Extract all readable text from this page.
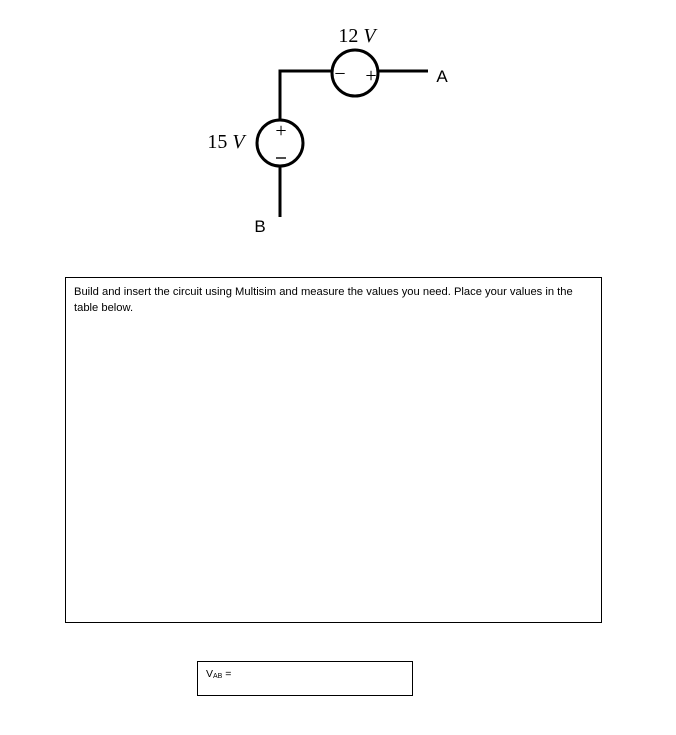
− +
12 V
+
15 V
A
B
Build and insert the circuit using Multisim and measure the values you need. Place your values in the table below.
$V_{AB}$ =
